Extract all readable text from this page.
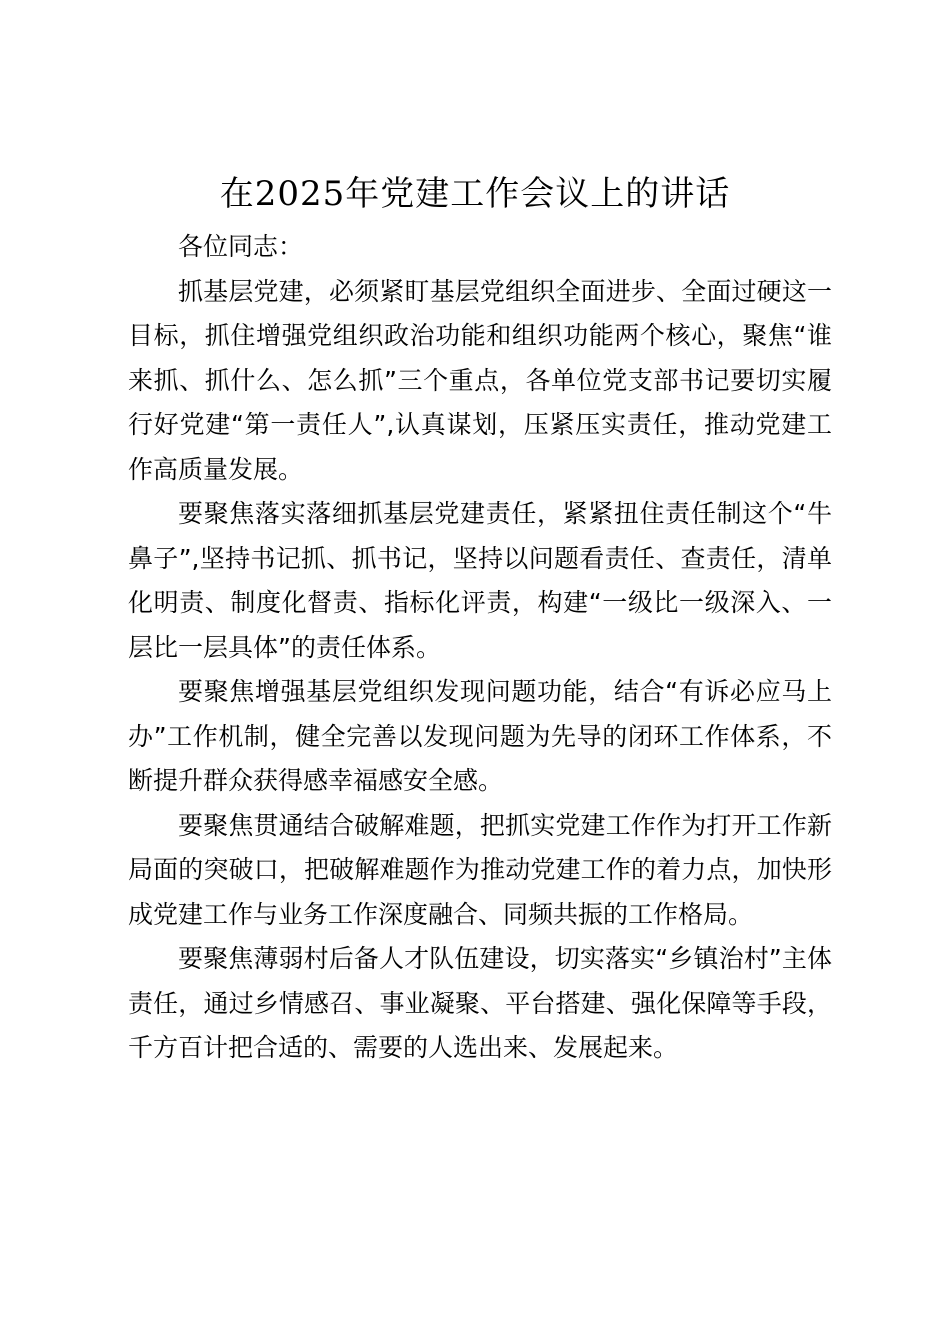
在2025年党建工作会议上的讲话

各位同志：

抓基层党建，必须紧盯基层党组织全面进步、全面过硬这一目标，抓住增强党组织政治功能和组织功能两个核心，聚焦“谁来抓、抓什么、怎么抓”三个重点，各单位党支部书记要切实履行好党建“第一责任人”,认真谋划，压紧压实责任，推动党建工作高质量发展。

要聚焦落实落细抓基层党建责任，紧紧扭住责任制这个“牛鼻子”,坚持书记抓、抓书记，坚持以问题看责任、查责任，清单化明责、制度化督责、指标化评责，构建“一级比一级深入、一层比一层具体”的责任体系。

要聚焦增强基层党组织发现问题功能，结合“有诉必应马上办”工作机制，健全完善以发现问题为先导的闭环工作体系，不断提升群众获得感幸福感安全感。

要聚焦贯通结合破解难题，把抓实党建工作作为打开工作新局面的突破口，把破解难题作为推动党建工作的着力点，加快形成党建工作与业务工作深度融合、同频共振的工作格局。

要聚焦薄弱村后备人才队伍建设，切实落实“乡镇治村”主体责任，通过乡情感召、事业凝聚、平台搭建、强化保障等手段，千方百计把合适的、需要的人选出来、发展起来。
